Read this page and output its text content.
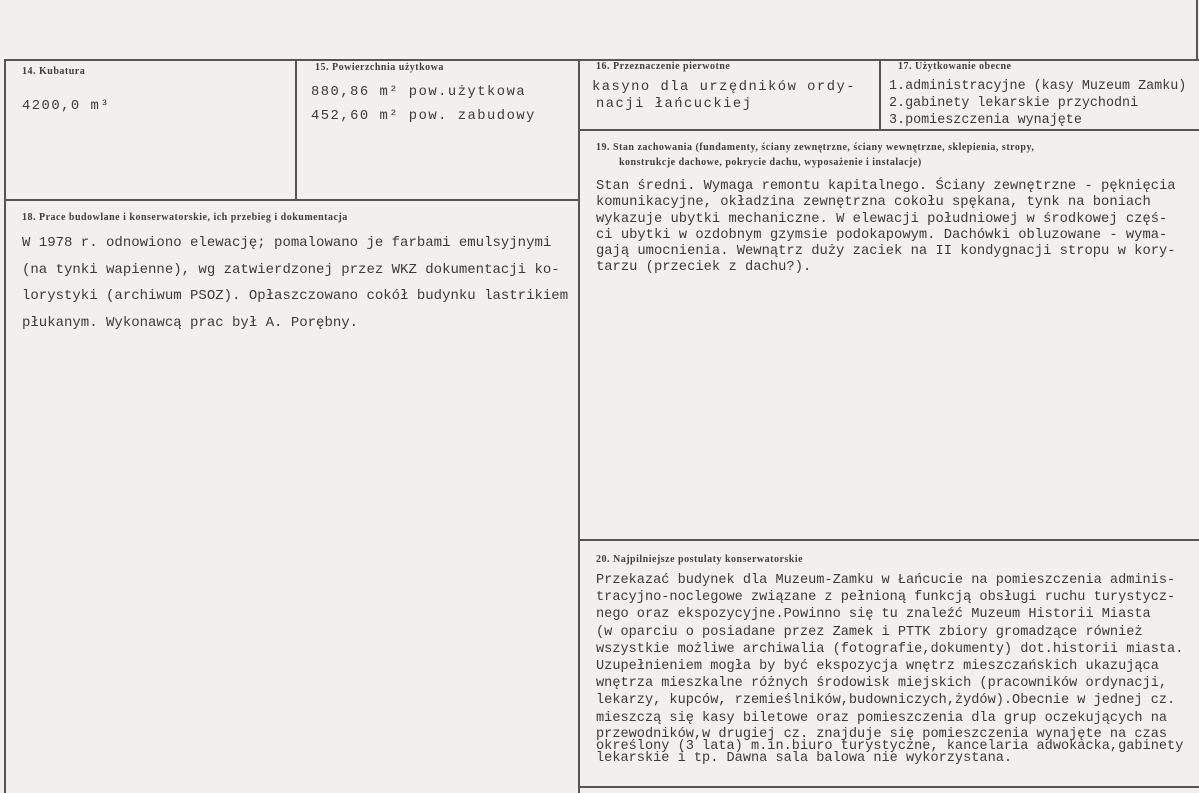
14. Kubatura
4200,0 m³
15. Powierzchnia użytkowa
880,86 m² pow.użytkowa
452,60 m² pow. zabudowy
16. Przeznaczenie pierwotne
kasyno dla urzędników ordy-
nacji łańcuckiej
17. Użytkowanie obecne
1.administracyjne (kasy Muzeum Zamku)
2.gabinety lekarskie przychodni
3.pomieszczenia wynajęte
18. Prace budowlane i konserwatorskie, ich przebieg i dokumentacja
W 1978 r. odnowiono elewację; pomalowano je farbami emulsyjnymi
(na tynki wapienne), wg zatwierdzonej przez WKZ dokumentacji ko-
lorystyki (archiwum PSOZ). Opłaszczowano cokół budynku lastrikiem
płukanym. Wykonawcą prac był A. Porębny.
19. Stan zachowania (fundamenty, ściany zewnętrzne, ściany wewnętrzne, sklepienia, stropy,
konstrukcje dachowe, pokrycie dachu, wyposażenie i instalacje)
Stan średni. Wymaga remontu kapitalnego. Ściany zewnętrzne - pęknięcia
komunikacyjne, okładzina zewnętrzna cokołu spękana, tynk na boniach
wykazuje ubytki mechaniczne. W elewacji południowej w środkowej częś-
ci ubytki w ozdobnym gzymsie podokapowym. Dachówki obluzowane - wyma-
gają umocnienia. Wewnątrz duży zaciek na II kondygnacji stropu w kory-
tarzu (przeciek z dachu?).
20. Najpilniejsze postulaty konserwatorskie
Przekazać budynek dla Muzeum-Zamku w Łańcucie na pomieszczenia adminis-
tracyjno-noclegowe związane z pełnioną funkcją obsługi ruchu turystycz-
nego oraz ekspozycyjne.Powinno się tu znaleźć Muzeum Historii Miasta
(w oparciu o posiadane przez Zamek i PTTK zbiory gromadzące również
wszystkie możliwe archiwalia (fotografie,dokumenty) dot.historii miasta.
Uzupełnieniem mogła by być ekspozycja wnętrz mieszczańskich ukazująca
wnętrza mieszkalne różnych środowisk miejskich (pracowników ordynacji,
lekarzy, kupców, rzemieślników,budowniczych,żydów).Obecnie w jednej cz.
mieszczą się kasy biletowe oraz pomieszczenia dla grup oczekujących na
przewodników,w drugiej cz. znajduje się pomieszczenia wynajęte na czas
określony (3 lata) m.in.biuro turystyczne, kancelaria adwokacka,gabinety
lekarskie i tp. Dawna sala balowa nie wykorzystana.
